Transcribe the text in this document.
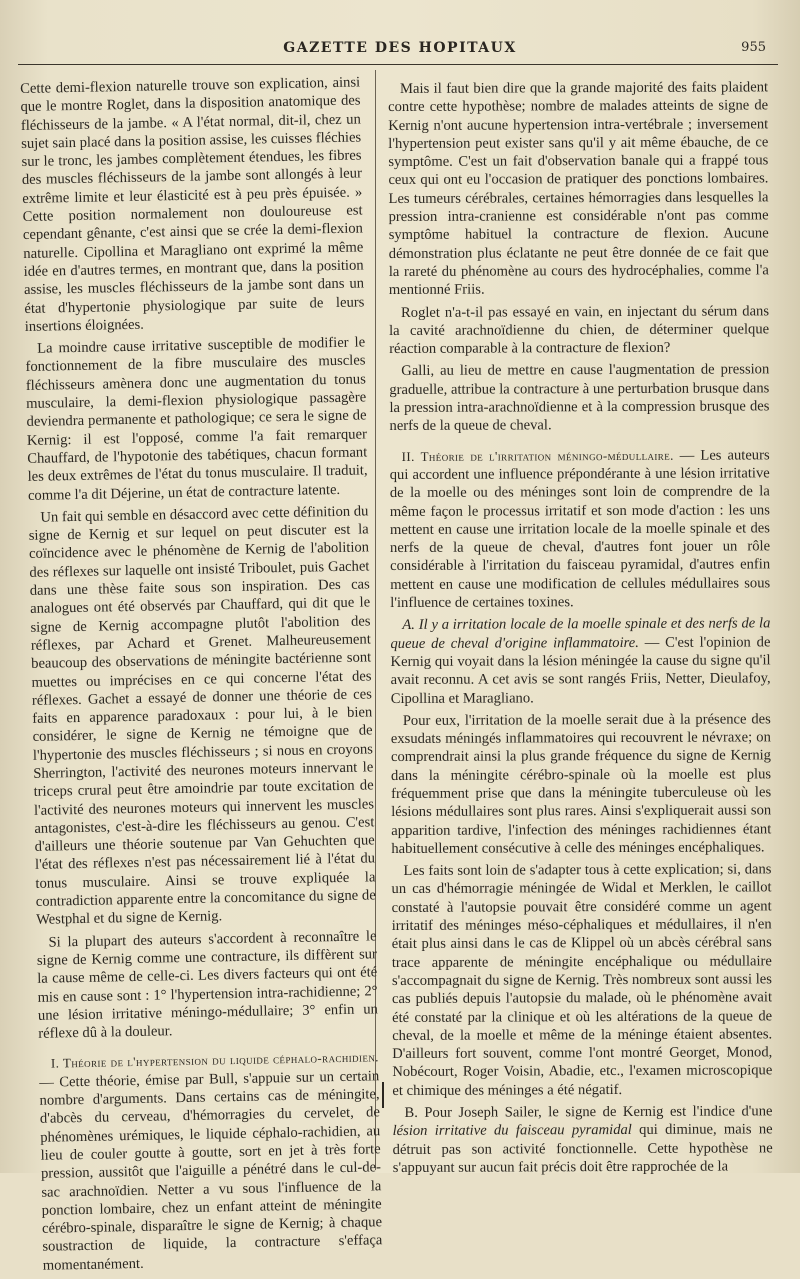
GAZETTE DES HOPITAUX	955

Cette demi-flexion naturelle trouve son explication, ainsi que le montre Roglet, dans la disposition anatomique des fléchisseurs de la jambe. « A l'état normal, dit-il, chez un sujet sain placé dans la position assise, les cuisses fléchies sur le tronc, les jambes complètement étendues, les fibres des muscles fléchisseurs de la jambe sont allongés à leur extrême limite et leur élasticité est à peu près épuisée. » Cette position normalement non douloureuse est cependant gênante, c'est ainsi que se crée la demi-flexion naturelle. Cipollina et Maragliano ont exprimé la même idée en d'autres termes, en montrant que, dans la position assise, les muscles fléchisseurs de la jambe sont dans un état d'hypertonie physiologique par suite de leurs insertions éloignées.

La moindre cause irritative susceptible de modifier le fonctionnement de la fibre musculaire des muscles fléchisseurs amènera donc une augmentation du tonus musculaire, la demi-flexion physiologique passagère deviendra permanente et pathologique; ce sera le signe de Kernig: il est l'opposé, comme l'a fait remarquer Chauffard, de l'hypotonie des tabétiques, chacun formant les deux extrêmes de l'état du tonus musculaire. Il traduit, comme l'a dit Déjerine, un état de contracture latente.

Un fait qui semble en désaccord avec cette définition du signe de Kernig et sur lequel on peut discuter est la coïncidence avec le phénomène de Kernig de l'abolition des réflexes sur laquelle ont insisté Triboulet, puis Gachet dans une thèse faite sous son inspiration. Des cas analogues ont été observés par Chauffard, qui dit que le signe de Kernig accompagne plutôt l'abolition des réflexes, par Achard et Grenet. Malheureusement beaucoup des observations de méningite bactérienne sont muettes ou imprécises en ce qui concerne l'état des réflexes. Gachet a essayé de donner une théorie de ces faits en apparence paradoxaux : pour lui, à le bien considérer, le signe de Kernig ne témoigne que de l'hypertonie des muscles fléchisseurs ; si nous en croyons Sherrington, l'activité des neurones moteurs innervant le triceps crural peut être amoindrie par toute excitation de l'activité des neurones moteurs qui innervent les muscles antagonistes, c'est-à-dire les fléchisseurs au genou. C'est d'ailleurs une théorie soutenue par Van Gehuchten que l'état des réflexes n'est pas nécessairement lié à l'état du tonus musculaire. Ainsi se trouve expliquée la contradiction apparente entre la concomitance du signe de Westphal et du signe de Kernig.

Si la plupart des auteurs s'accordent à reconnaître le signe de Kernig comme une contracture, ils diffèrent sur la cause même de celle-ci. Les divers facteurs qui ont été mis en cause sont : 1° l'hypertension intra-rachidienne; 2° une lésion irritative méningo-médullaire; 3° enfin un réflexe dû à la douleur.

I. Théorie de l'hypertension du liquide céphalo-rachidien. — Cette théorie, émise par Bull, s'appuie sur un certain nombre d'arguments. Dans certains cas de méningite, d'abcès du cerveau, d'hémorragies du cervelet, de phénomènes urémiques, le liquide céphalo-rachidien, au lieu de couler goutte à goutte, sort en jet à très forte pression, aussitôt que l'aiguille a pénétré dans le cul-de-sac arachnoïdien. Netter a vu sous l'influence de la ponction lombaire, chez un enfant atteint de méningite cérébro-spinale, disparaître le signe de Kernig; à chaque soustraction de liquide, la contracture s'effaça momentanément.

Mais il faut bien dire que la grande majorité des faits plaident contre cette hypothèse; nombre de malades atteints de signe de Kernig n'ont aucune hypertension intra-vertébrale ; inversement l'hypertension peut exister sans qu'il y ait même ébauche, de ce symptôme. C'est un fait d'observation banale qui a frappé tous ceux qui ont eu l'occasion de pratiquer des ponctions lombaires. Les tumeurs cérébrales, certaines hémorragies dans lesquelles la pression intra-cranienne est considérable n'ont pas comme symptôme habituel la contracture de flexion. Aucune démonstration plus éclatante ne peut être donnée de ce fait que la rareté du phénomène au cours des hydrocéphalies, comme l'a mentionné Friis.

Roglet n'a-t-il pas essayé en vain, en injectant du sérum dans la cavité arachnoïdienne du chien, de déterminer quelque réaction comparable à la contracture de flexion?

Galli, au lieu de mettre en cause l'augmentation de pression graduelle, attribue la contracture à une perturbation brusque dans la pression intra-arachnoïdienne et à la compression brusque des nerfs de la queue de cheval.

II. Théorie de l'irritation méningo-médullaire. — Les auteurs qui accordent une influence prépondérante à une lésion irritative de la moelle ou des méninges sont loin de comprendre de la même façon le processus irritatif et son mode d'action : les uns mettent en cause une irritation locale de la moelle spinale et des nerfs de la queue de cheval, d'autres font jouer un rôle considérable à l'irritation du faisceau pyramidal, d'autres enfin mettent en cause une modification de cellules médullaires sous l'influence de certaines toxines.

A. Il y a irritation locale de la moelle spinale et des nerfs de la queue de cheval d'origine inflammatoire. — C'est l'opinion de Kernig qui voyait dans la lésion méningée la cause du signe qu'il avait reconnu. A cet avis se sont rangés Friis, Netter, Dieulafoy, Cipollina et Maragliano.

Pour eux, l'irritation de la moelle serait due à la présence des exsudats méningés inflammatoires qui recouvrent le névraxe; on comprendrait ainsi la plus grande fréquence du signe de Kernig dans la méningite cérébro-spinale où la moelle est plus fréquemment prise que dans la méningite tuberculeuse où les lésions médullaires sont plus rares. Ainsi s'expliquerait aussi son apparition tardive, l'infection des méninges rachidiennes étant habituellement consécutive à celle des méninges encéphaliques.

Les faits sont loin de s'adapter tous à cette explication; si, dans un cas d'hémorragie méningée de Widal et Merklen, le caillot constaté à l'autopsie pouvait être considéré comme un agent irritatif des méninges méso-céphaliques et médullaires, il n'en était plus ainsi dans le cas de Klippel où un abcès cérébral sans trace apparente de méningite encéphalique ou médullaire s'accompagnait du signe de Kernig. Très nombreux sont aussi les cas publiés depuis l'autopsie du malade, où le phénomène avait été constaté par la clinique et où les altérations de la queue de cheval, de la moelle et même de la méninge étaient absentes. D'ailleurs fort souvent, comme l'ont montré Georget, Monod, Nobécourt, Roger Voisin, Abadie, etc., l'examen microscopique et chimique des méninges a été négatif.

B. Pour Joseph Sailer, le signe de Kernig est l'indice d'une lésion irritative du faisceau pyramidal qui diminue, mais ne détruit pas son activité fonctionnelle. Cette hypothèse ne s'appuyant sur aucun fait précis doit être rapprochée de la
